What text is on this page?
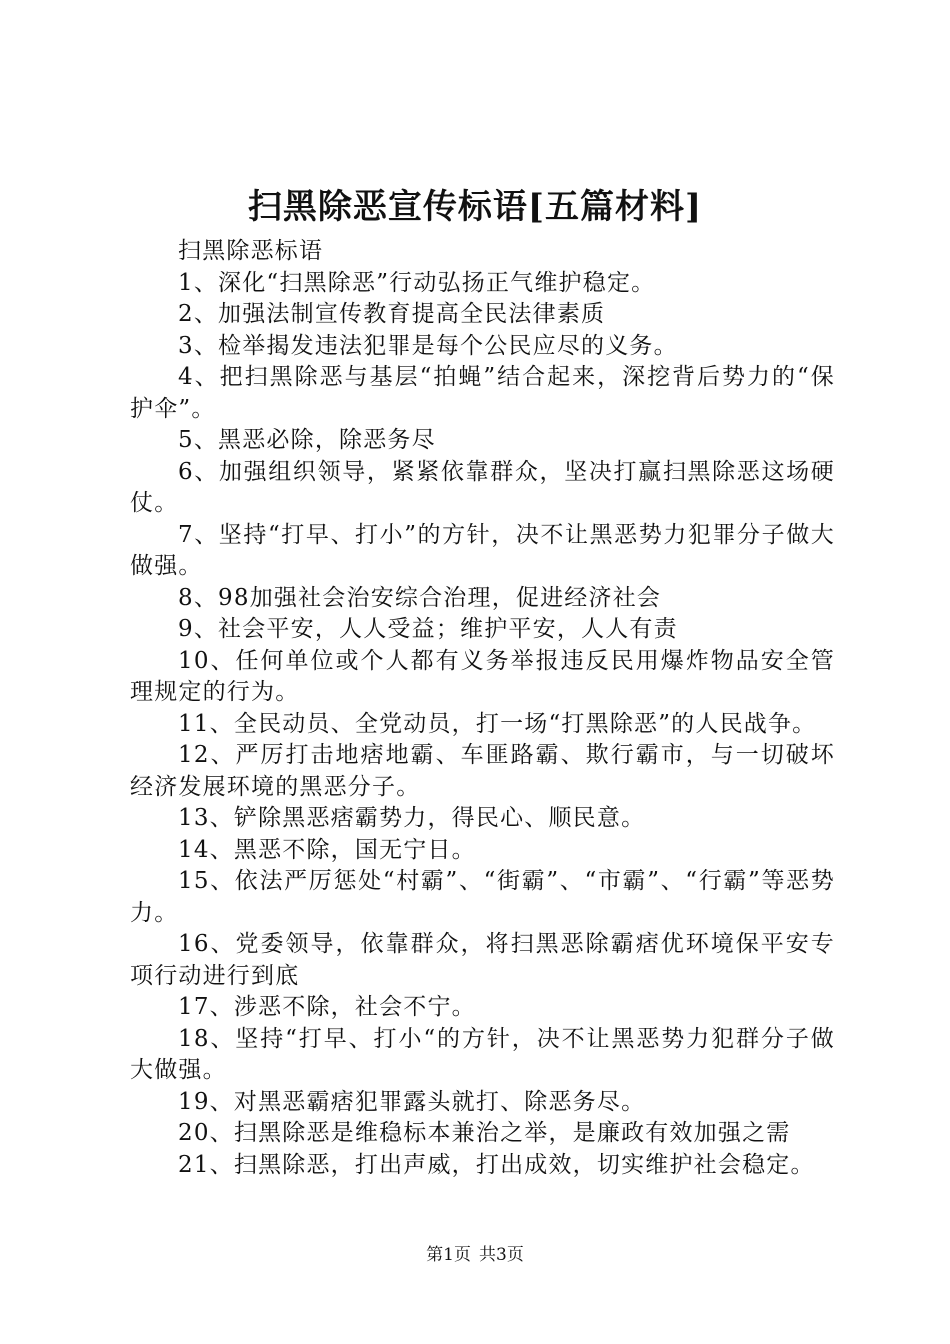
扫黑除恶宣传标语[五篇材料]

扫黑除恶标语

1、深化“扫黑除恶”行动弘扬正气维护稳定。

2、加强法制宣传教育提高全民法律素质

3、检举揭发违法犯罪是每个公民应尽的义务。

4、把扫黑除恶与基层“拍蝇”结合起来，深挖背后势力的“保护伞”。

5、黑恶必除，除恶务尽

6、加强组织领导，紧紧依靠群众，坚决打赢扫黑除恶这场硬仗。

7、坚持“打早、打小”的方针，决不让黑恶势力犯罪分子做大做强。

8、98加强社会治安综合治理，促进经济社会

9、社会平安，人人受益；维护平安，人人有责

10、任何单位或个人都有义务举报违反民用爆炸物品安全管理规定的行为。

11、全民动员、全党动员，打一场“打黑除恶”的人民战争。

12、严厉打击地痞地霸、车匪路霸、欺行霸市，与一切破坏经济发展环境的黑恶分子。

13、铲除黑恶痞霸势力，得民心、顺民意。

14、黑恶不除，国无宁日。

15、依法严厉惩处“村霸”、“街霸”、“市霸”、“行霸”等恶势力。

16、党委领导，依靠群众，将扫黑恶除霸痞优环境保平安专项行动进行到底

17、涉恶不除，社会不宁。

18、坚持“打早、打小“的方针，决不让黑恶势力犯群分子做大做强。

19、对黑恶霸痞犯罪露头就打、除恶务尽。

20、扫黑除恶是维稳标本兼治之举，是廉政有效加强之需

21、扫黑除恶，打出声威，打出成效，切实维护社会稳定。

第1页 共3页
